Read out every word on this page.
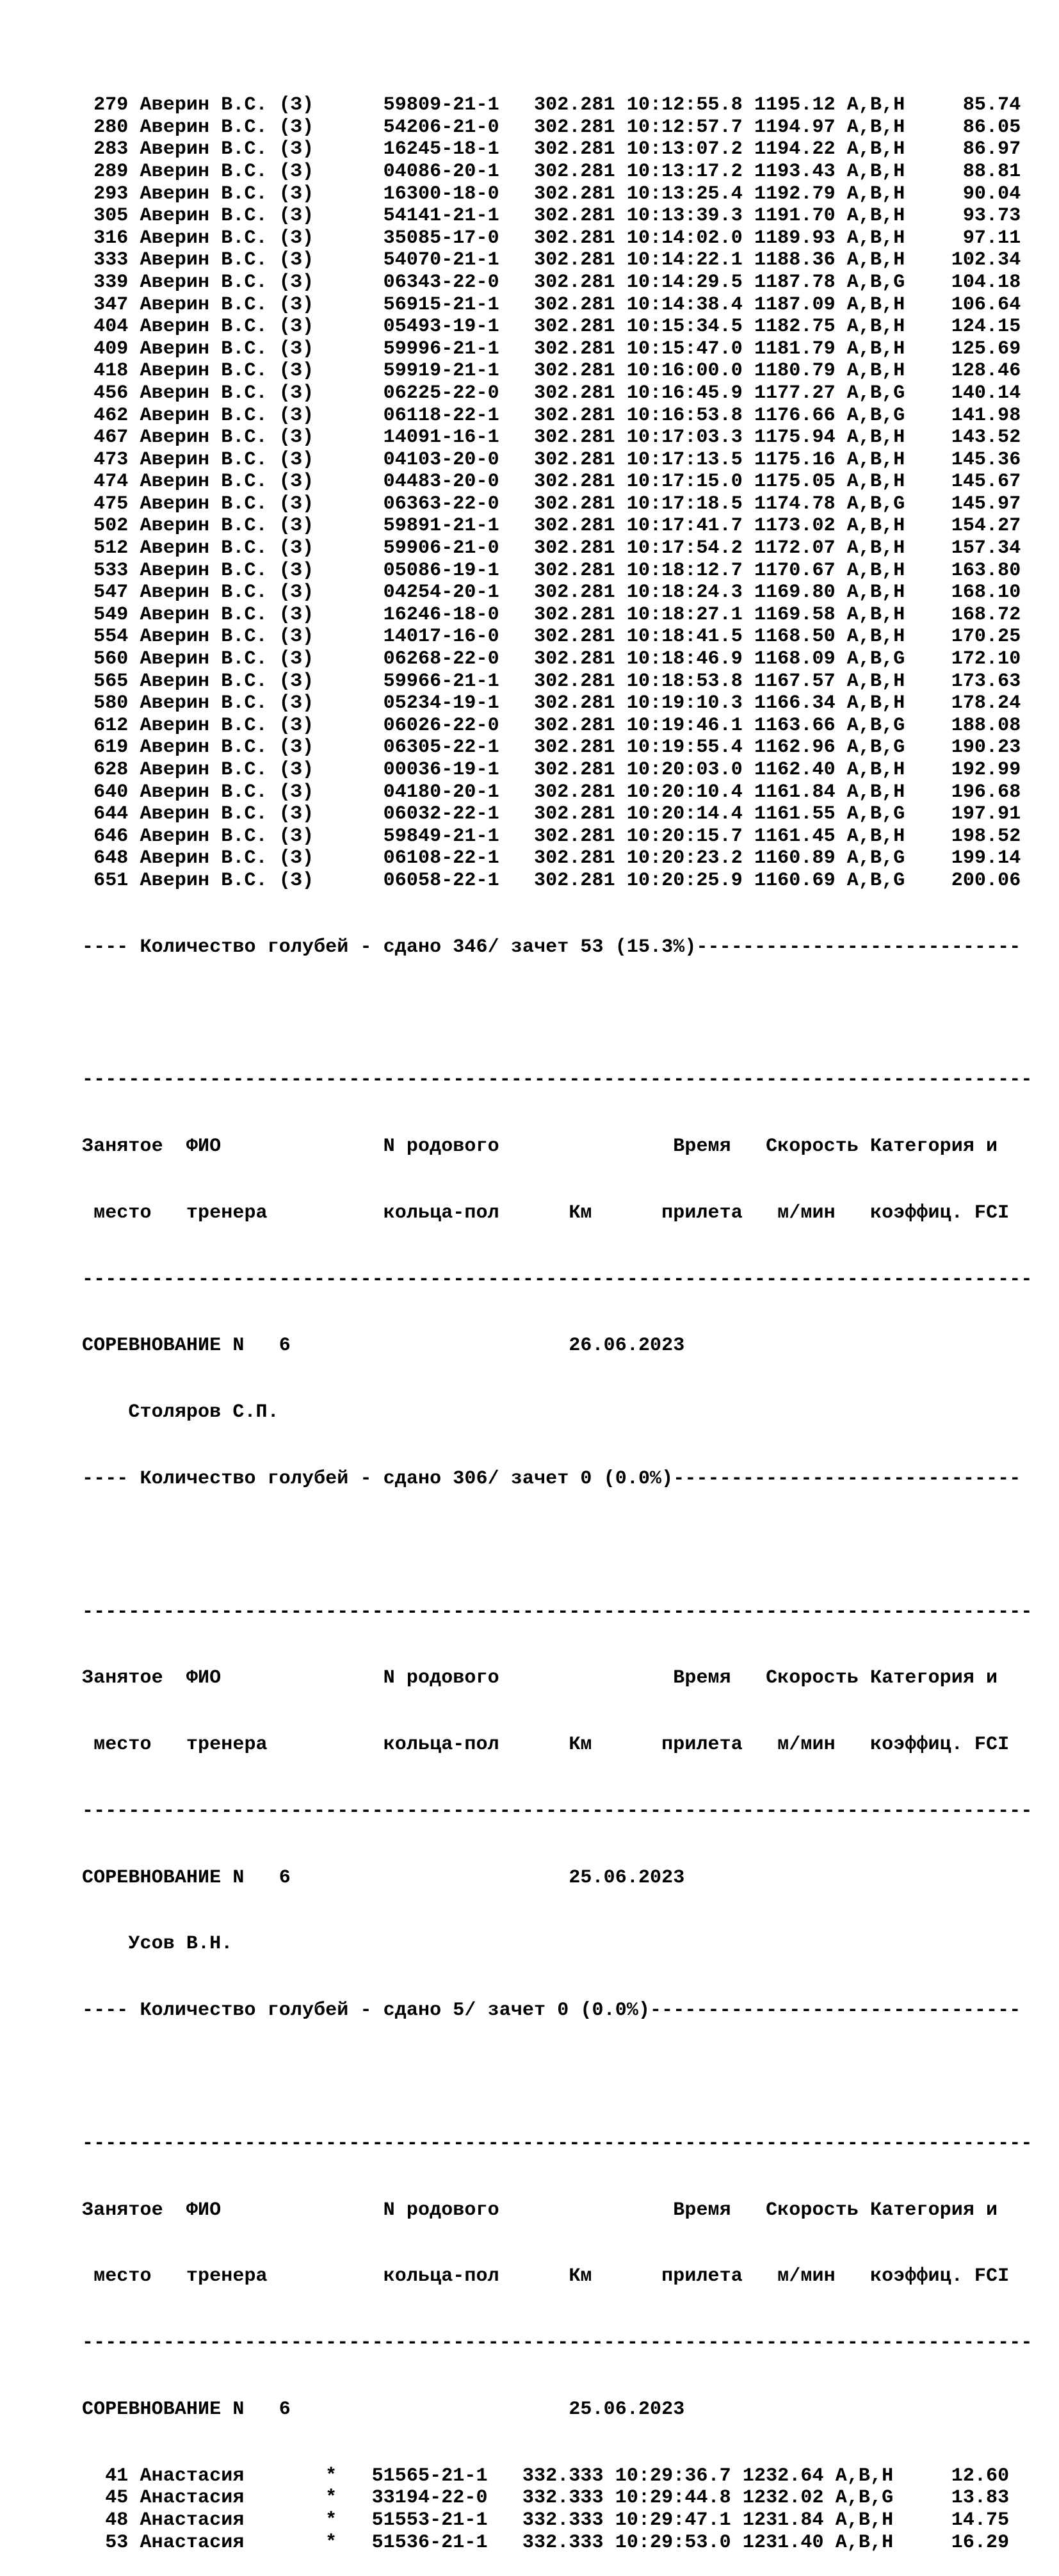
279 Аверин В.С. (З)      59809-21-1   302.281 10:12:55.8 1195.12 A,B,H     85.74
280 Аверин В.С. (З)      54206-21-0   302.281 10:12:57.7 1194.97 A,B,H     86.05
283 Аверин В.С. (З)      16245-18-1   302.281 10:13:07.2 1194.22 A,B,H     86.97
289 Аверин В.С. (З)      04086-20-1   302.281 10:13:17.2 1193.43 A,B,H     88.81
293 Аверин В.С. (З)      16300-18-0   302.281 10:13:25.4 1192.79 A,B,H     90.04
305 Аверин В.С. (З)      54141-21-1   302.281 10:13:39.3 1191.70 A,B,H     93.73
316 Аверин В.С. (З)      35085-17-0   302.281 10:14:02.0 1189.93 A,B,H     97.11
333 Аверин В.С. (З)      54070-21-1   302.281 10:14:22.1 1188.36 A,B,H    102.34
339 Аверин В.С. (З)      06343-22-0   302.281 10:14:29.5 1187.78 A,B,G    104.18
347 Аверин В.С. (З)      56915-21-1   302.281 10:14:38.4 1187.09 A,B,H    106.64
404 Аверин В.С. (З)      05493-19-1   302.281 10:15:34.5 1182.75 A,B,H    124.15
409 Аверин В.С. (З)      59996-21-1   302.281 10:15:47.0 1181.79 A,B,H    125.69
418 Аверин В.С. (З)      59919-21-1   302.281 10:16:00.0 1180.79 A,B,H    128.46
456 Аверин В.С. (З)      06225-22-0   302.281 10:16:45.9 1177.27 A,B,G    140.14
462 Аверин В.С. (З)      06118-22-1   302.281 10:16:53.8 1176.66 A,B,G    141.98
467 Аверин В.С. (З)      14091-16-1   302.281 10:17:03.3 1175.94 A,B,H    143.52
473 Аверин В.С. (З)      04103-20-0   302.281 10:17:13.5 1175.16 A,B,H    145.36
474 Аверин В.С. (З)      04483-20-0   302.281 10:17:15.0 1175.05 A,B,H    145.67
475 Аверин В.С. (З)      06363-22-0   302.281 10:17:18.5 1174.78 A,B,G    145.97
502 Аверин В.С. (З)      59891-21-1   302.281 10:17:41.7 1173.02 A,B,H    154.27
512 Аверин В.С. (З)      59906-21-0   302.281 10:17:54.2 1172.07 A,B,H    157.34
533 Аверин В.С. (З)      05086-19-1   302.281 10:18:12.7 1170.67 A,B,H    163.80
547 Аверин В.С. (З)      04254-20-1   302.281 10:18:24.3 1169.80 A,B,H    168.10
549 Аверин В.С. (З)      16246-18-0   302.281 10:18:27.1 1169.58 A,B,H    168.72
554 Аверин В.С. (З)      14017-16-0   302.281 10:18:41.5 1168.50 A,B,H    170.25
560 Аверин В.С. (З)      06268-22-0   302.281 10:18:46.9 1168.09 A,B,G    172.10
565 Аверин В.С. (З)      59966-21-1   302.281 10:18:53.8 1167.57 A,B,H    173.63
580 Аверин В.С. (З)      05234-19-1   302.281 10:19:10.3 1166.34 A,B,H    178.24
612 Аверин В.С. (З)      06026-22-0   302.281 10:19:46.1 1163.66 A,B,G    188.08
619 Аверин В.С. (З)      06305-22-1   302.281 10:19:55.4 1162.96 A,B,G    190.23
628 Аверин В.С. (З)      00036-19-1   302.281 10:20:03.0 1162.40 A,B,H    192.99
640 Аверин В.С. (З)      04180-20-1   302.281 10:20:10.4 1161.84 A,B,H    196.68
644 Аверин В.С. (З)      06032-22-1   302.281 10:20:14.4 1161.55 A,B,G    197.91
646 Аверин В.С. (З)      59849-21-1   302.281 10:20:15.7 1161.45 A,B,H    198.52
648 Аверин В.С. (З)      06108-22-1   302.281 10:20:23.2 1160.89 A,B,G    199.14
651 Аверин В.С. (З)      06058-22-1   302.281 10:20:25.9 1160.69 A,B,G    200.06

---- Количество голубей - сдано 346/ зачет 53 (15.3%)----------------------------

----------------------------------------------------------------------------------

Занятое  ФИО              N родового               Время   Скорость Категория и

место   тренера          кольца-пол      Км      прилета   м/мин   коэффиц. FCI

----------------------------------------------------------------------------------

СОРЕВНОВАНИЕ N   6                        26.06.2023

Столяров С.П.

---- Количество голубей - сдано 306/ зачет 0 (0.0%)------------------------------

----------------------------------------------------------------------------------

Занятое  ФИО              N родового               Время   Скорость Категория и

место   тренера          кольца-пол      Км      прилета   м/мин   коэффиц. FCI

----------------------------------------------------------------------------------

СОРЕВНОВАНИЕ N   6                        25.06.2023

Усов В.Н.

---- Количество голубей - сдано 5/ зачет 0 (0.0%)--------------------------------

----------------------------------------------------------------------------------

Занятое  ФИО              N родового               Время   Скорость Категория и

место   тренера          кольца-пол      Км      прилета   м/мин   коэффиц. FCI

----------------------------------------------------------------------------------

СОРЕВНОВАНИЕ N   6                        25.06.2023

41 Анастасия       *   51565-21-1   332.333 10:29:36.7 1232.64 A,B,H     12.60
45 Анастасия       *   33194-22-0   332.333 10:29:44.8 1232.02 A,B,G     13.83
48 Анастасия       *   51553-21-1   332.333 10:29:47.1 1231.84 A,B,H     14.75
53 Анастасия       *   51536-21-1   332.333 10:29:53.0 1231.40 A,B,H     16.29
